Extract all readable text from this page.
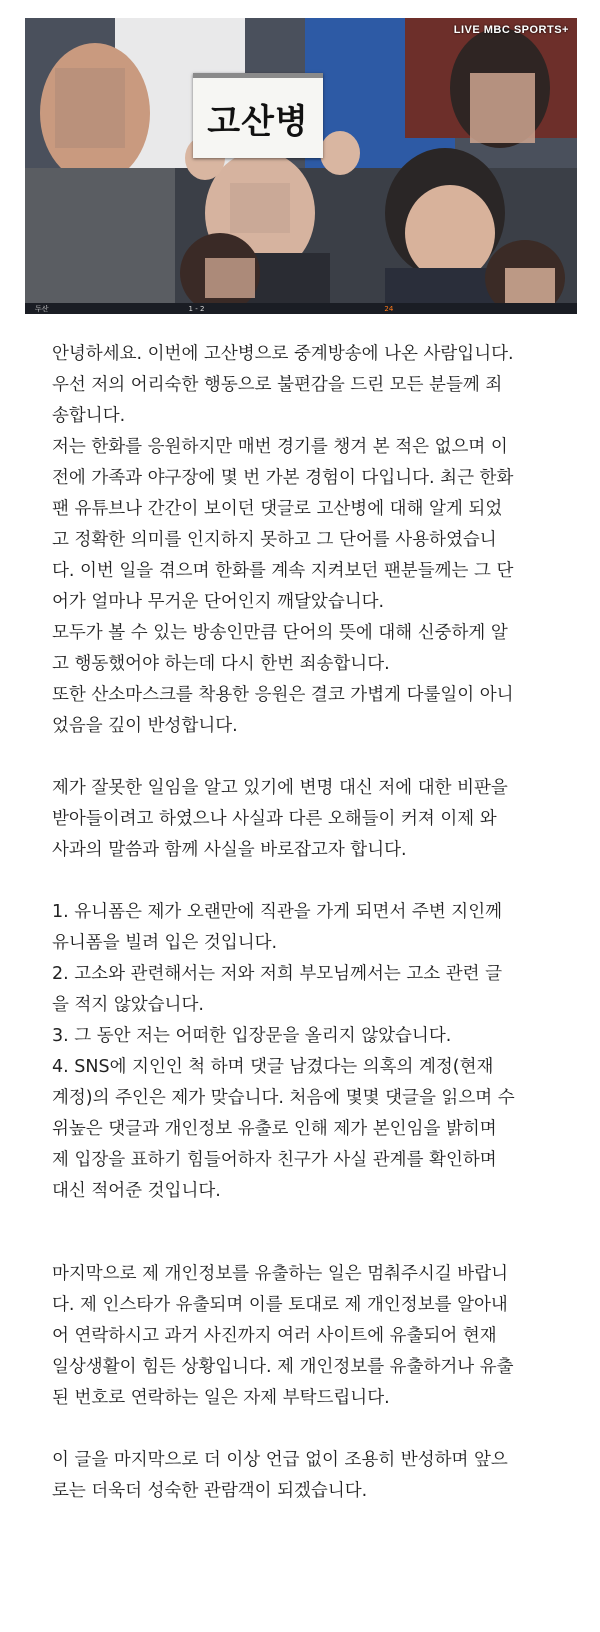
LIVE MBC SPORTS+
고산병
두산	1 - 2	24

안녕하세요. 이번에 고산병으로 중계방송에 나온 사람입니다.

우선 저의 어리숙한 행동으로 불편감을 드린 모든 분들께 죄

송합니다.

저는 한화를 응원하지만 매번 경기를 챙겨 본 적은 없으며 이

전에 가족과 야구장에 몇 번 가본 경험이 다입니다. 최근 한화

팬 유튜브나 간간이 보이던 댓글로 고산병에 대해 알게 되었

고 정확한 의미를 인지하지 못하고 그 단어를 사용하였습니

다. 이번 일을 겪으며 한화를 계속 지켜보던 팬분들께는 그 단

어가 얼마나 무거운 단어인지 깨달았습니다.

모두가 볼 수 있는 방송인만큼 단어의 뜻에 대해 신중하게 알

고 행동했어야 하는데 다시 한번 죄송합니다.

또한 산소마스크를 착용한 응원은 결코 가볍게 다룰일이 아니

었음을 깊이 반성합니다.

제가 잘못한 일임을 알고 있기에 변명 대신 저에 대한 비판을

받아들이려고 하였으나 사실과 다른 오해들이 커져 이제 와

사과의 말씀과 함께 사실을 바로잡고자 합니다.

1. 유니폼은 제가 오랜만에 직관을 가게 되면서 주변 지인께

유니폼을 빌려 입은 것입니다.

2. 고소와 관련해서는 저와 저희 부모님께서는 고소 관련 글

을 적지 않았습니다.

3. 그 동안 저는 어떠한 입장문을 올리지 않았습니다.

4. SNS에 지인인 척 하며 댓글 남겼다는 의혹의 계정(현재

계정)의 주인은 제가 맞습니다. 처음에 몇몇 댓글을 읽으며 수

위높은 댓글과 개인정보 유출로 인해 제가 본인임을 밝히며

제 입장을 표하기 힘들어하자 친구가 사실 관계를 확인하며

대신 적어준 것입니다.

마지막으로 제 개인정보를 유출하는 일은 멈춰주시길 바랍니

다. 제 인스타가 유출되며 이를 토대로 제 개인정보를 알아내

어 연락하시고 과거 사진까지 여러 사이트에 유출되어 현재

일상생활이 힘든 상황입니다. 제 개인정보를 유출하거나 유출

된 번호로 연락하는 일은 자제 부탁드립니다.

이 글을 마지막으로 더 이상 언급 없이 조용히 반성하며 앞으

로는 더욱더 성숙한 관람객이 되겠습니다.
